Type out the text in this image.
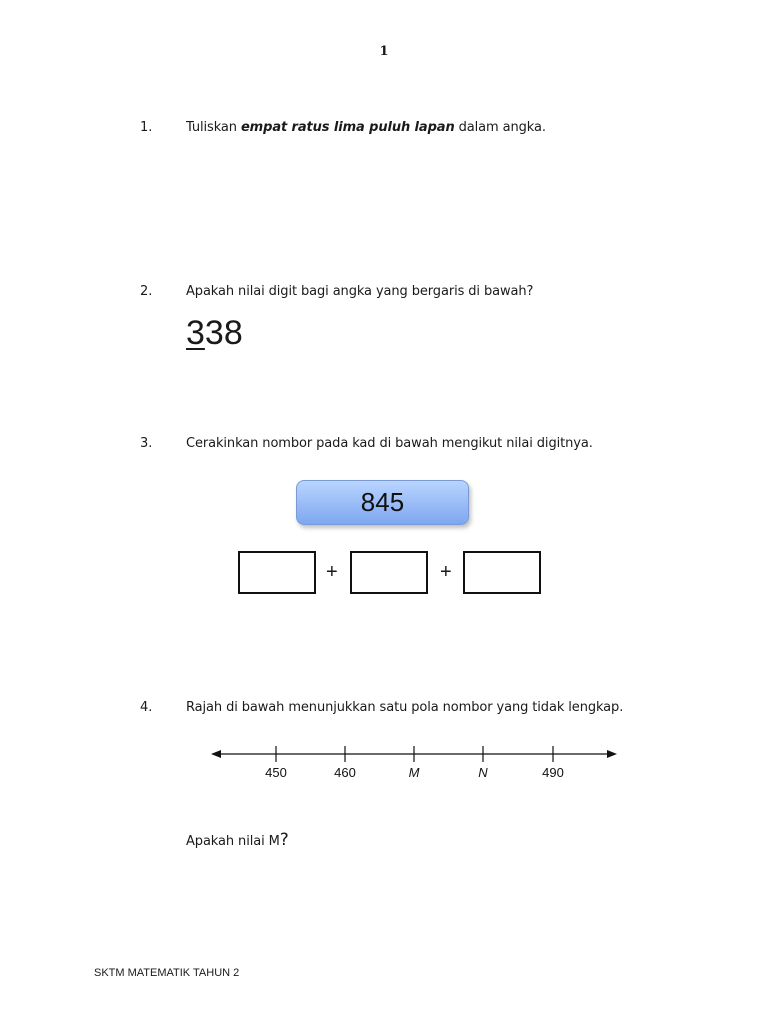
1
1.	Tuliskan empat ratus lima puluh lapan dalam angka.
2.	Apakah nilai digit bagi angka yang bergaris di bawah?
338
3.	Cerakinkan nombor pada kad di bawah mengikut nilai digitnya.
845
+	+
4.	Rajah di bawah menunjukkan satu pola nombor yang tidak lengkap.
450	460	M	N	490
Apakah nilai M?
SKTM MATEMATIK TAHUN 2
